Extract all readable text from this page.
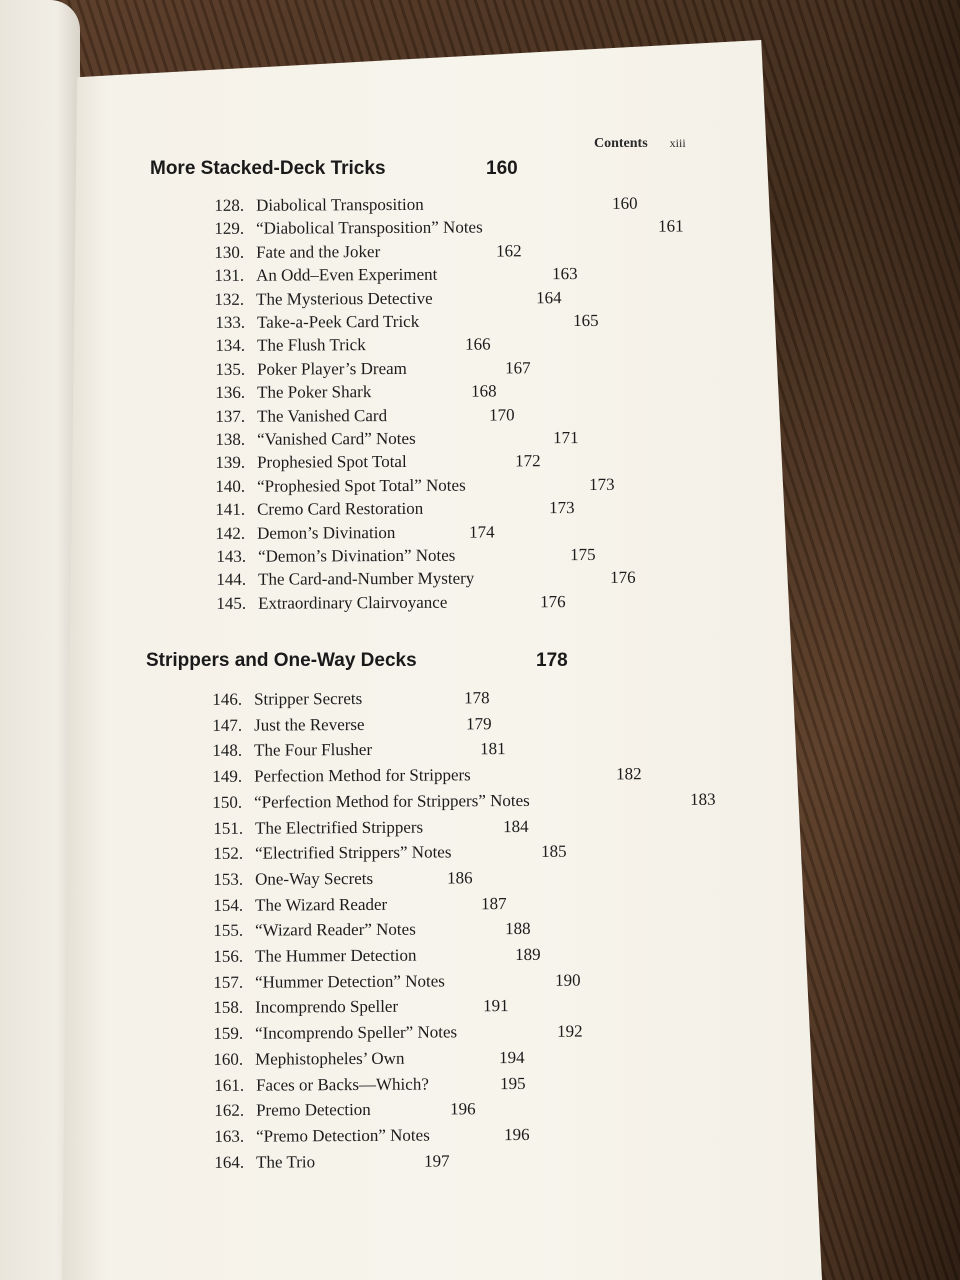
Contents xiii
More Stacked-Deck Tricks	160
128. Diabolical Transposition	160
129. “Diabolical Transposition” Notes	161
130. Fate and the Joker	162
131. An Odd–Even Experiment	163
132. The Mysterious Detective	164
133. Take-a-Peek Card Trick	165
134. The Flush Trick	166
135. Poker Player’s Dream	167
136. The Poker Shark	168
137. The Vanished Card	170
138. “Vanished Card” Notes	171
139. Prophesied Spot Total	172
140. “Prophesied Spot Total” Notes	173
141. Cremo Card Restoration	173
142. Demon’s Divination	174
143. “Demon’s Divination” Notes	175
144. The Card-and-Number Mystery	176
145. Extraordinary Clairvoyance	176
Strippers and One-Way Decks	178
146. Stripper Secrets	178
147. Just the Reverse	179
148. The Four Flusher	181
149. Perfection Method for Strippers	182
150. “Perfection Method for Strippers” Notes	183
151. The Electrified Strippers	184
152. “Electrified Strippers” Notes	185
153. One-Way Secrets	186
154. The Wizard Reader	187
155. “Wizard Reader” Notes	188
156. The Hummer Detection	189
157. “Hummer Detection” Notes	190
158. Incomprendo Speller	191
159. “Incomprendo Speller” Notes	192
160. Mephistopheles’ Own	194
161. Faces or Backs—Which?	195
162. Premo Detection	196
163. “Premo Detection” Notes	196
164. The Trio	197
